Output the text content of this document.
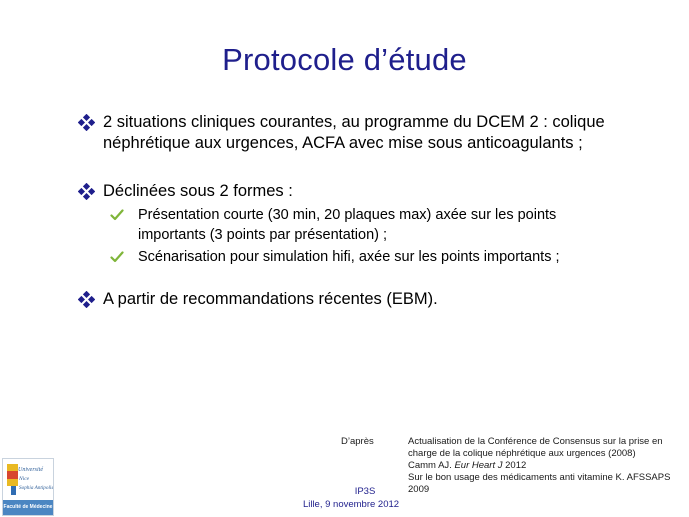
Protocole d’étude
2 situations cliniques courantes, au programme du DCEM 2 : colique
néphrétique aux urgences, ACFA avec mise sous anticoagulants ;
Déclinées sous 2 formes :
Présentation courte (30 min, 20 plaques max) axée sur les points
importants (3 points par présentation) ;
Scénarisation pour simulation hifi, axée sur les points importants ;
A partir de recommandations récentes (EBM).
D’après	Actualisation de la Conférence de Consensus sur la prise en
charge de la colique néphrétique aux urgences (2008)
Camm AJ. Eur Heart J 2012
Sur le bon usage des médicaments anti vitamine K. AFSSAPS
2009
IP3S
Lille, 9 novembre 2012
Université
Nice
Sophia Antipolis
Faculté de Médecine
